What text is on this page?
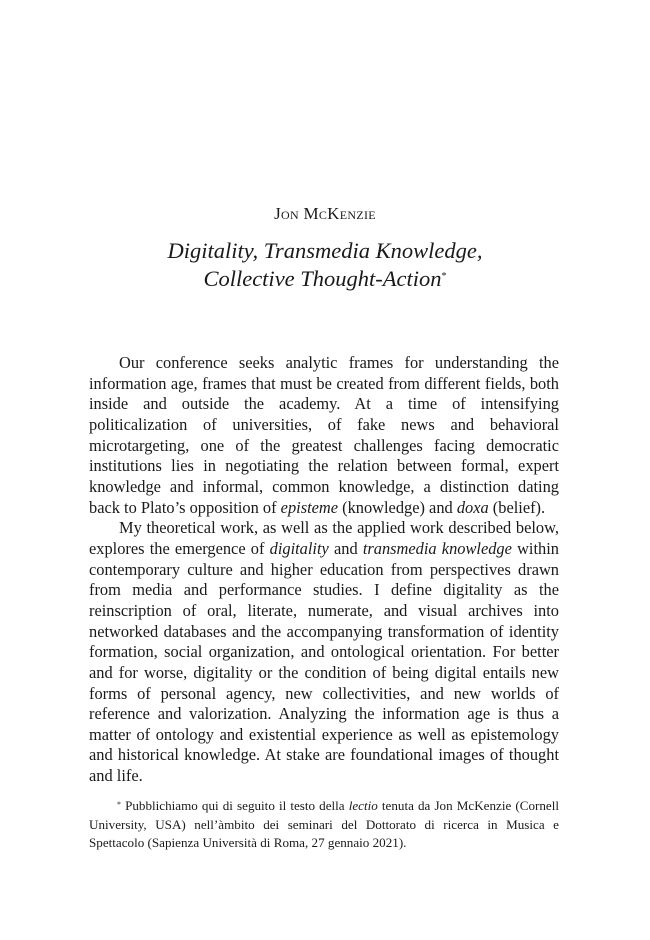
Jon McKenzie
Digitality, Transmedia Knowledge,
Collective Thought-Action*

Our conference seeks analytic frames for understanding the information age, frames that must be created from different fields, both inside and outside the academy. At a time of intensifying politicalization of universities, of fake news and behavioral microtargeting, one of the greatest challenges facing democratic institutions lies in negotiating the relation between formal, expert knowledge and informal, common knowledge, a distinction dating back to Plato’s opposition of episteme (knowledge) and doxa (belief).

My theoretical work, as well as the applied work described below, explores the emergence of digitality and transmedia knowledge within contemporary culture and higher education from perspectives drawn from media and performance studies. I define digitality as the reinscription of oral, literate, numerate, and visual archives into networked databases and the accompanying transformation of identity formation, social organization, and ontological orientation. For better and for worse, digitality or the condition of being digital entails new forms of personal agency, new collectivities, and new worlds of reference and valorization. Analyzing the information age is thus a matter of ontology and existential experience as well as epistemology and historical knowledge. At stake are foundational images of thought and life.

* Pubblichiamo qui di seguito il testo della lectio tenuta da Jon McKenzie (Cornell University, USA) nell’àmbito dei seminari del Dottorato di ricerca in Musica e Spettacolo (Sapienza Università di Roma, 27 gennaio 2021).
